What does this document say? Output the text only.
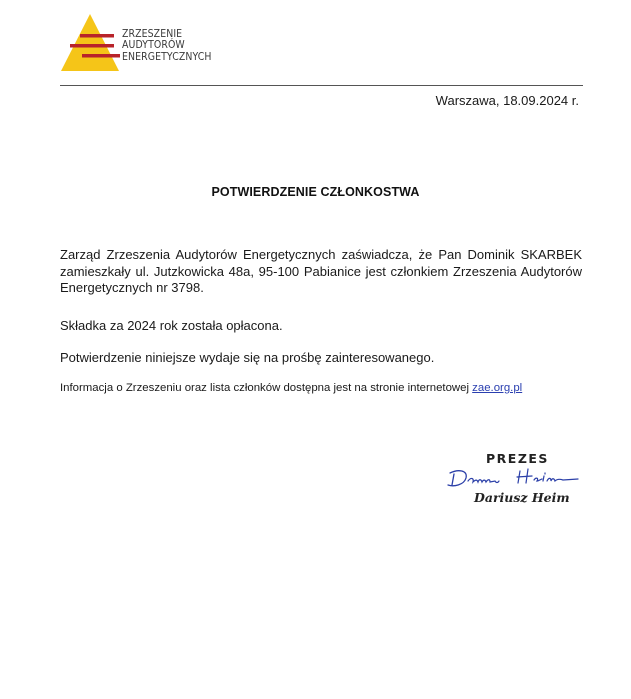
ZRZESZENIE
AUDYTORÓW
ENERGETYCZNYCH
Warszawa, 18.09.2024 r.
POTWIERDZENIE CZŁONKOSTWA
Zarząd Zrzeszenia Audytorów Energetycznych zaświadcza, że Pan Dominik SKARBEK zamieszkały ul. Jutzkowicka 48a, 95-100 Pabianice jest członkiem Zrzeszenia Audytorów Energetycznych nr 3798.
Składka za 2024 rok została opłacona.
Potwierdzenie niniejsze wydaje się na prośbę zainteresowanego.
Informacja o Zrzeszeniu oraz lista członków dostępna jest na stronie internetowej zae.org.pl
PREZES
Dariusz Heim
